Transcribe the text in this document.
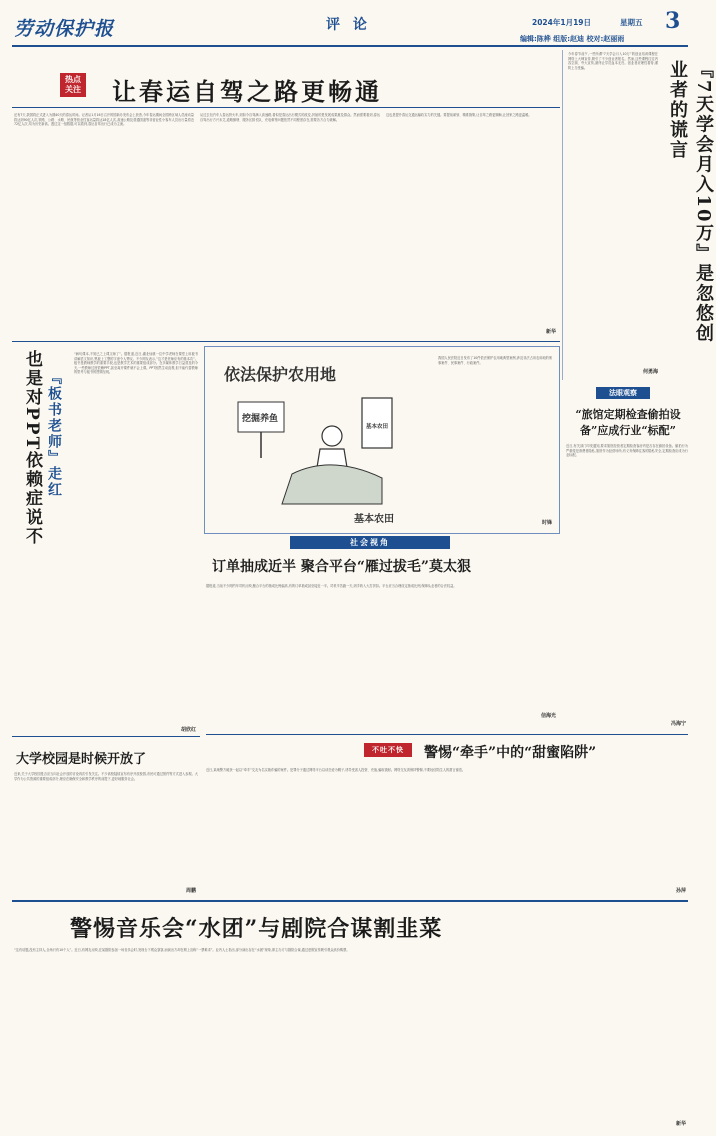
劳动保护报	评 论	2024年1月19日	星期五 3
编辑:陈桦 组版:赵迪 校对:赵丽雨
热点
关注 让春运自驾之路更畅通
还有7天,我国将正式进入为期40天的春运时间。记者从1月16日召开的国新办发布会上获悉,今年春运期间全国跨区域人员流动量将达到90亿人次,铁路、公路、水路、民航等营业性客运量将达18亿人次,高速公路及普通国道等非营业性小客车人员出行量将近72亿人次,均为历史新高。透过这一组数据,可以看到,春运自驾出行已成为主流。
从过去包汽车人春运挤火车,到如今自驾满入高速路,看似是春运出行模式的改变,折射的是发展成果惠及群众。然而需要看到,春运自驾出行方兴未艾,道路拥堵、服务区排长队、充电难等问题依然不同程度存在,需要各方合力破解。
这也是提升春运交通运输软实力的关键。要提前谋划、精准施策,让自驾之路更顺畅,让回家之路更温暖。
新华	『7天学会月入10万』是忽悠创业者的谎言
今年春节前夕,一些所谓“7天学会月入10万”的创业培训课程在网络上大肆宣传,吸引了不少创业者报名。然而,这些课程往往内容空洞、夸大宣传,最终让学员血本无归。创业者应理性看待,谨防上当受骗。
何勇海
也是对PPT依赖症说不 『板书老师』走红
“病句课本,不知已之上课文师了”。据报道,近日,湖北仙桃一位中学老师在课堂上用板书讲解语文知识,黑板上工整的字迹令人赞叹。不少网友表示,“这才是老师应有的基本功”。板书是教师教学的重要手段,也是教学艺术的重要组成部分。在多媒体教学日益普及的今天,一些教师过度依赖PPT,甚至离开课件就不会上课。PPT固然生动直观,但不能代替教师的思考与板书的逻辑呈现。
胡欣红
大学校园是时候开放了
近来,关于大学校园是否应当向社会开放的讨论再次引发关注。不少高校陆续宣布有序开放校园,市民可通过预约等方式进入参观。大学作为公共资源的重要组成部分,理应在确保安全和教学秩序的前提下,更好地服务社会。
周鹏
依法保护农用地
挖掘养鱼
基本农田
基本农田
我国人民法院近日发布了10件依法保护农用地典型案例,涉及非法占用农用地的刑事案件、民事案件、行政案件。
时锋
社会视角
订单抽成近半 聚合平台“雁过拔毛”莫太狠
据报道,当前不少网约车司机反映,聚合平台的抽成比例偏高,有的订单抽成甚至接近一半。司机辛苦跑一天,到手收入大打折扣。平台应当合理设定抽成比例,保障从业者的合法权益。
信海光
法眼观察
“旅馆定期检查偷拍设备”应成行业“标配”
近日,有关部门印发通知,要求旅馆经营者定期检查客房内是否存在偷拍设备。偷拍行为严重侵犯消费者隐私,旅馆作为经营场所,有义务保障住客的隐私安全,定期检查应成为行业标配。
冯海宁
不吐不快	警惕“牵手”中的“甜蜜陷阱”
近日,某地警方破获一起以“牵手”交友为名实施诈骗的案件。犯罪分子通过网络平台以谈恋爱为幌子,诱导受害人投资、充值,骗取钱财。网络交友须保持警惕,不要轻信陌生人的甜言蜜语。
孙萍
警惕音乐会“水团”与剧院合谋割韭菜
“这有话题,没有主持人,全场只有10个人”。近日,有网友反映,在某剧院参加一场音乐会时,发现台下观众寥寥,而演出方却在网上宣称“一票难求”。业内人士指出,部分演出存在“水团”现象,即主办方与剧院合谋,通过虚假宣传吸引观众高价购票。
新华
